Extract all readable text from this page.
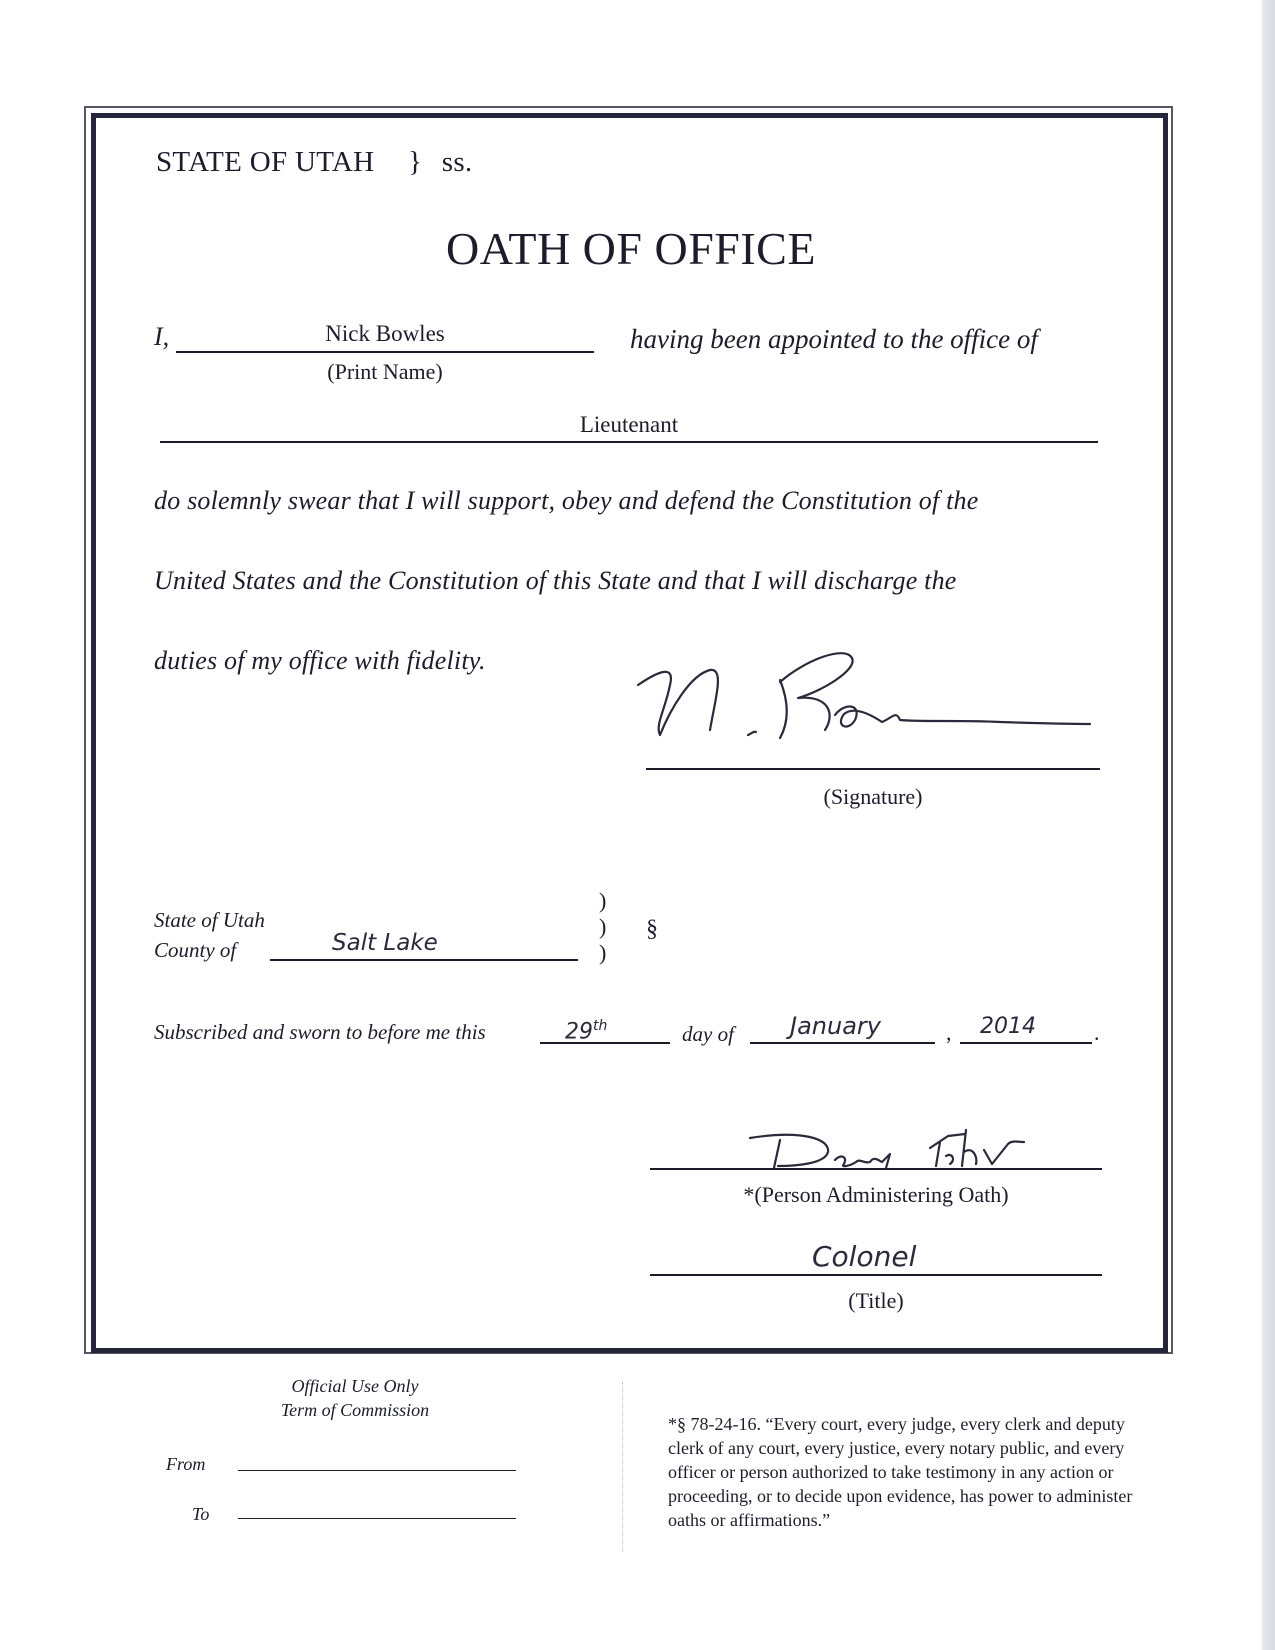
STATE OF UTAH } ss.
OATH OF OFFICE
I,	Nick Bowles
(Print Name)
having been appointed to the office of
Lieutenant
do solemnly swear that I will support, obey and defend the Constitution of the
United States and the Constitution of this State and that I will discharge the
duties of my office with fidelity.
(Signature)
State of Utah
County of	Salt Lake
)
)
)
§
Subscribed and sworn to before me this	29th	day of January	, 2014	.
*(Person Administering Oath)
Colonel
(Title)
Official Use Only
Term of Commission
From
To
*§ 78-24-16. “Every court, every judge, every clerk and deputy clerk of any court, every justice, every notary public, and every officer or person authorized to take testimony in any action or proceeding, or to decide upon evidence, has power to administer oaths or affirmations.”
